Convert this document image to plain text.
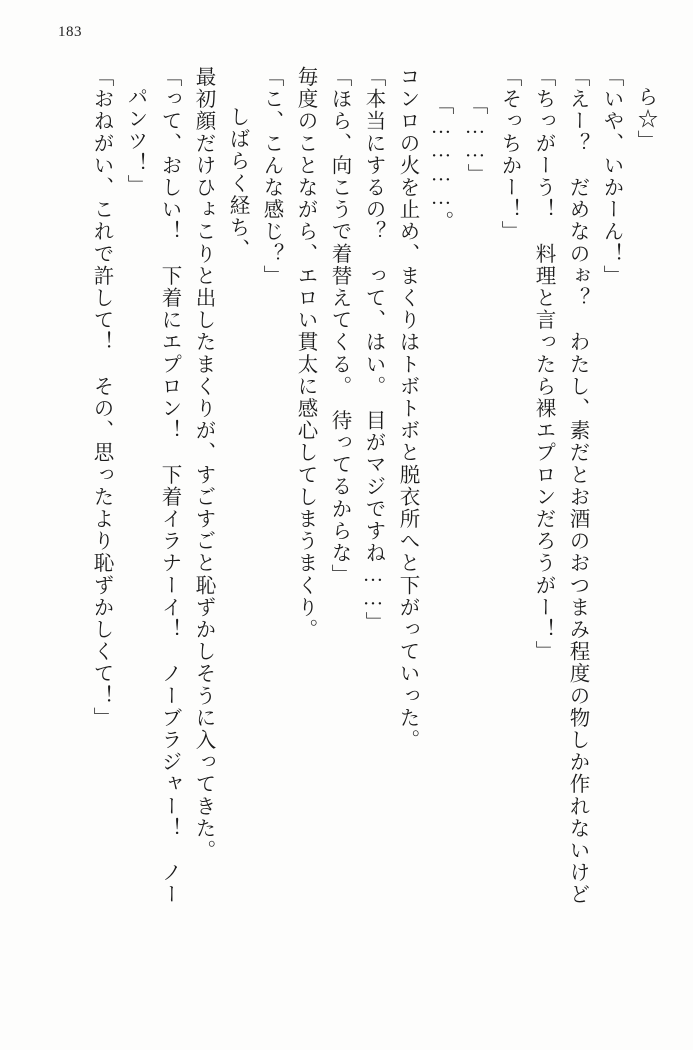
183
ら☆」
「いや、いかーん！」
「えー？　だめなのぉ？　わたし、素だとお酒のおつまみ程度の物しか作れないけど
「ちっがーう！　料理と言ったら裸エプロンだろうがー！」
「そっちかー！」
「……」
「…………。
コンロの火を止め、まくりはトボトボと脱衣所へと下がっていった。
「本当にするの？　って、はい。　目がマジですね……」
「ほら、向こうで着替えてくる。　待ってるからな」
毎度のことながら、エロい貫太に感心してしまうまくり。
「こ、こんな感じ？」
しばらく経ち、
最初顔だけひょこりと出したまくりが、すごすごと恥ずかしそうに入ってきた。
「って、おしい！　下着にエプロン！　下着イラナーイ！　ノーブラジャー！　ノー
パンツ！」
「おねがい、これで許して！　その、思ったより恥ずかしくて！」
